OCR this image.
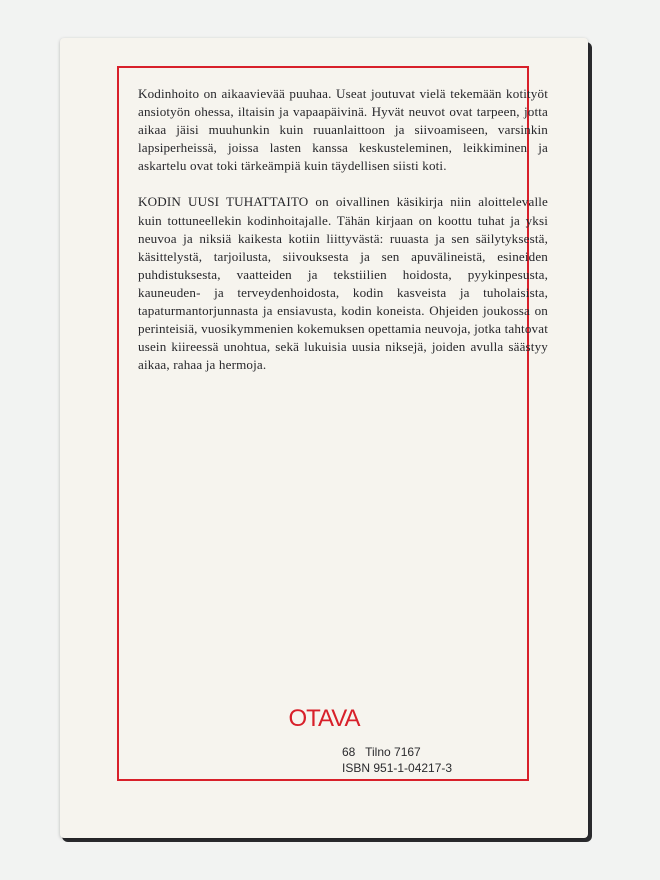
Kodinhoito on aikaavievää puuhaa. Useat joutuvat vielä tekemään kotityöt ansiotyön ohessa, iltaisin ja vapaapäivinä. Hyvät neuvot ovat tarpeen, jotta aikaa jäisi muuhunkin kuin ruuanlaittoon ja siivoamiseen, varsinkin lapsiperheissä, joissa lasten kanssa keskusteleminen, leikkiminen ja askartelu ovat toki tärkeämpiä kuin täydellisen siisti koti.

KODIN UUSI TUHATTAITO on oivallinen käsikirja niin aloittelevalle kuin tottuneellekin kodinhoitajalle. Tähän kirjaan on koottu tuhat ja yksi neuvoa ja niksiä kaikesta kotiin liittyvästä: ruuasta ja sen säilytyksestä, käsittelystä, tarjoilusta, siivouksesta ja sen apuvälineistä, esineiden puhdistuksesta, vaatteiden ja tekstiilien hoidosta, pyykinpesusta, kauneuden- ja terveydenhoidosta, kodin kasveista ja tuholaisista, tapaturmantorjunnasta ja ensiavusta, kodin koneista. Ohjeiden joukossa on perinteisiä, vuosikymmenien kokemuksen opettamia neuvoja, jotka tahtovat usein kiireessä unohtua, sekä lukuisia uusia niksejä, joiden avulla säästyy aikaa, rahaa ja hermoja.

OTAVA
68   Tilno 7167
ISBN 951-1-04217-3
